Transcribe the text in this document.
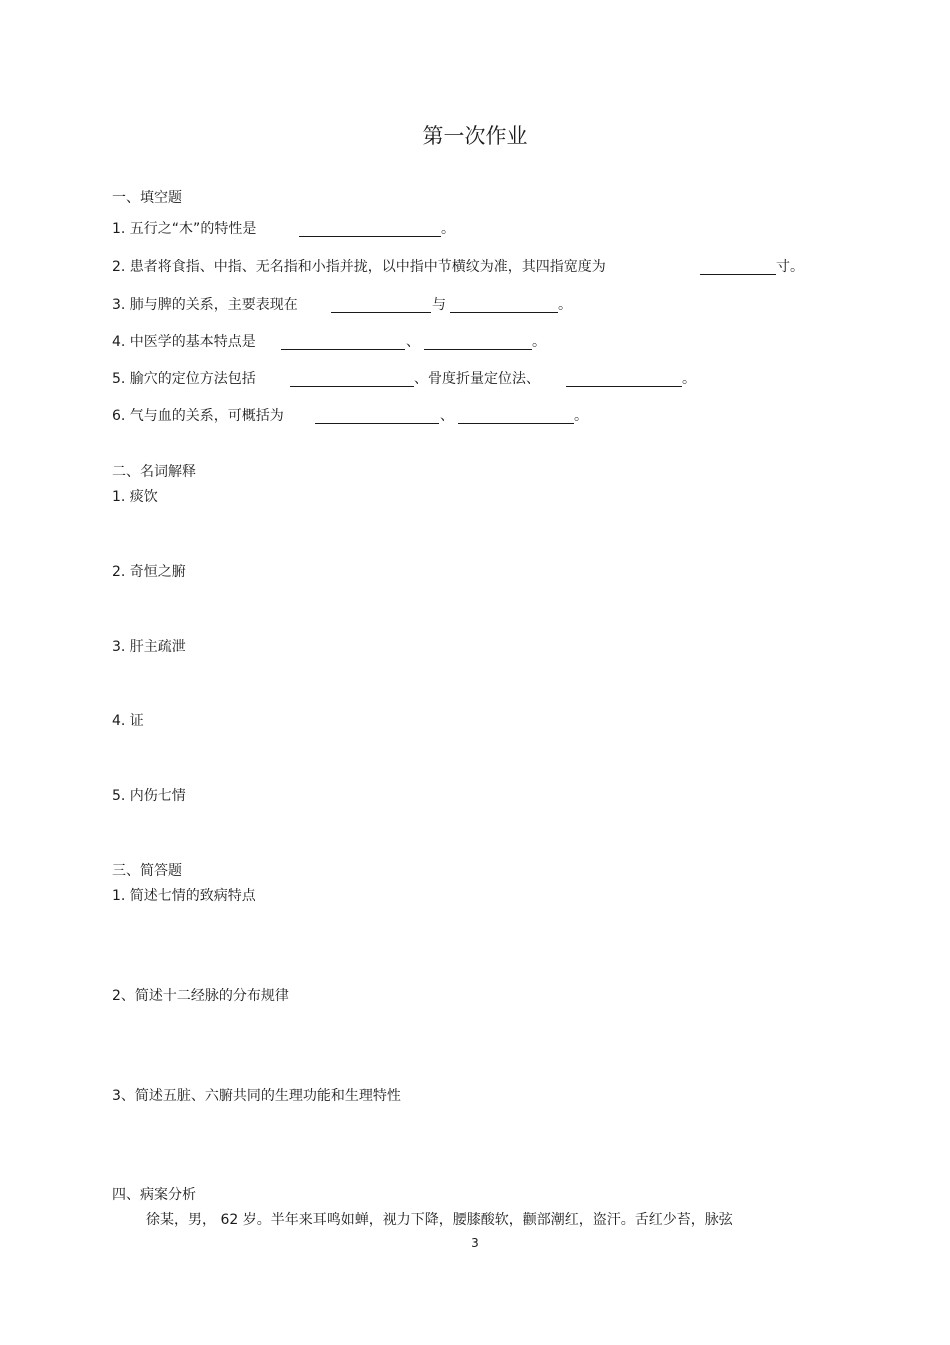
第一次作业
一、填空题
1. 五行之“木”的特性是	。
2. 患者将食指、中指、无名指和小指并拢，以中指中节横纹为准，其四指宽度为	寸。
3. 肺与脾的关系，主要表现在	与	。
4. 中医学的基本特点是	、	。
5. 腧穴的定位方法包括	、骨度折量定位法、	。
6. 气与血的关系，可概括为	、	。
二、名词解释
1. 痰饮
2. 奇恒之腑
3. 肝主疏泄
4. 证
5. 内伤七情
三、简答题
1. 简述七情的致病特点
2、简述十二经脉的分布规律
3、简述五脏、六腑共同的生理功能和生理特性
四、病案分析
徐某，男， 62 岁。半年来耳鸣如蝉，视力下降，腰膝酸软，颧部潮红，盗汗。舌红少苔，脉弦
3
